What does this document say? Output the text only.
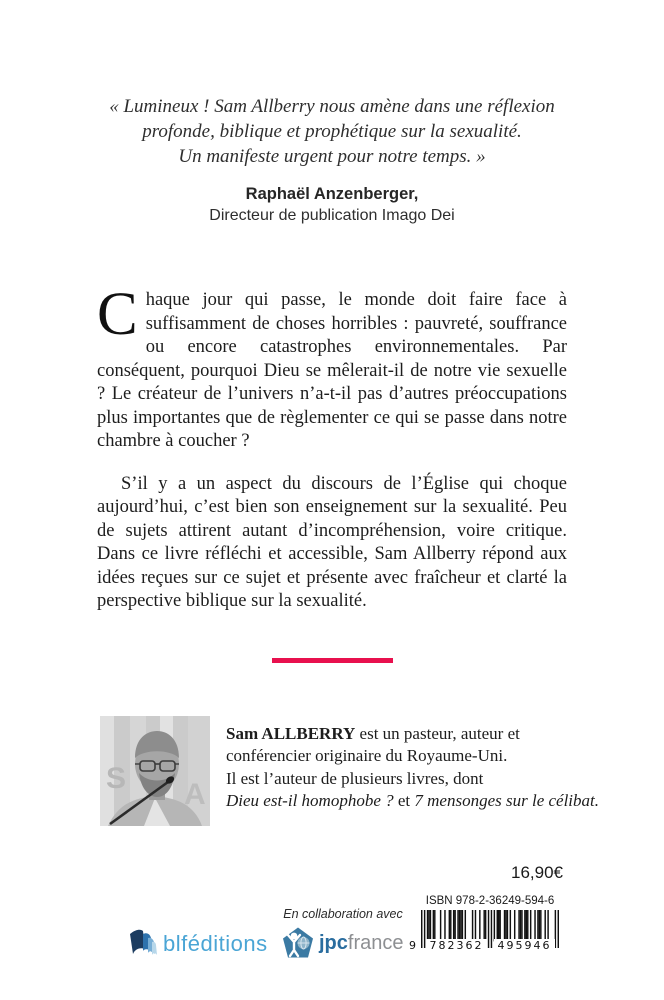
« Lumineux ! Sam Allberry nous amène dans une réflexion
profonde, biblique et prophétique sur la sexualité.
Un manifeste urgent pour notre temps. »
Raphaël Anzenberger,
Directeur de publication Imago Dei

Chaque jour qui passe, le monde doit faire face à suffisamment de choses horribles : pauvreté, souffrance ou encore catastrophes environnementales. Par conséquent, pourquoi Dieu se mêlerait-il de notre vie sexuelle ? Le créateur de l’univers n’a-t-il pas d’autres préoccupations plus importantes que de règlementer ce qui se passe dans notre chambre à coucher ?

S’il y a un aspect du discours de l’Église qui choque aujourd’hui, c’est bien son enseignement sur la sexualité. Peu de sujets attirent autant d’incompréhension, voire critique. Dans ce livre réfléchi et accessible, Sam Allberry répond aux idées reçues sur ce sujet et présente avec fraîcheur et clarté la perspective biblique sur la sexualité.

S A
Sam ALLBERRY est un pasteur, auteur et
conférencier originaire du Royaume-Uni.
Il est l’auteur de plusieurs livres, dont
Dieu est-il homophobe ? et 7 mensonges sur le célibat.
16,90€
ISBN 978-2-36249-594-6
9	782362	495946
En collaboration avec
blféditions	jpcfrance
